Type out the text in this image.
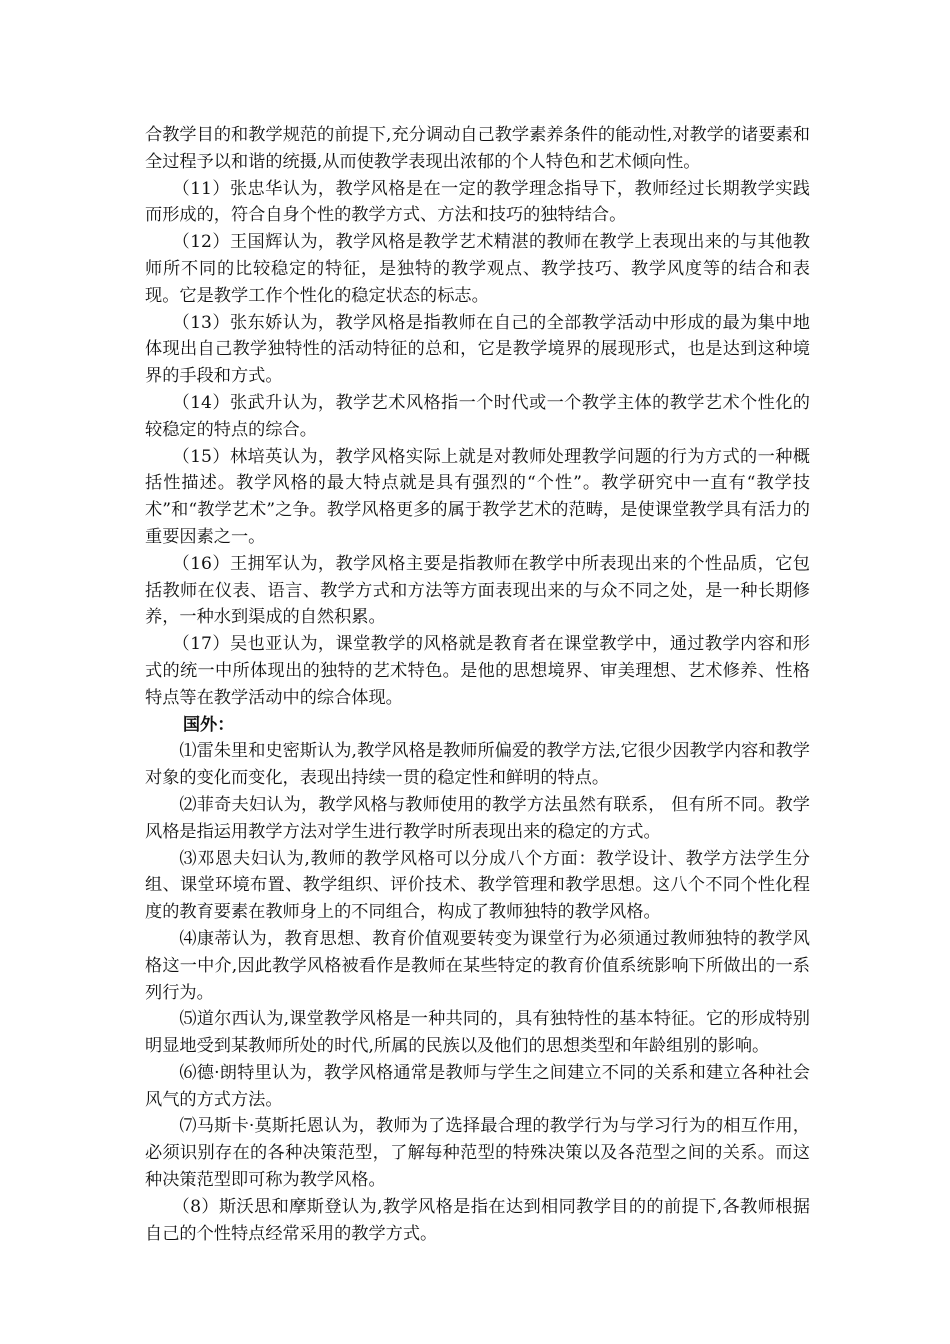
合教学目的和教学规范的前提下,充分调动自己教学素养条件的能动性,对教学的诸要素和全过程予以和谐的统摄,从而使教学表现出浓郁的个人特色和艺术倾向性。

（11）张忠华认为，教学风格是在一定的教学理念指导下，教师经过长期教学实践而形成的，符合自身个性的教学方式、方法和技巧的独特结合。

（12）王国辉认为，教学风格是教学艺术精湛的教师在教学上表现出来的与其他教师所不同的比较稳定的特征，是独特的教学观点、教学技巧、教学风度等的结合和表现。它是教学工作个性化的稳定状态的标志。

（13）张东娇认为，教学风格是指教师在自己的全部教学活动中形成的最为集中地体现出自己教学独特性的活动特征的总和，它是教学境界的展现形式，也是达到这种境界的手段和方式。

（14）张武升认为，教学艺术风格指一个时代或一个教学主体的教学艺术个性化的较稳定的特点的综合。

（15）林培英认为，教学风格实际上就是对教师处理教学问题的行为方式的一种概括性描述。教学风格的最大特点就是具有强烈的“个性”。教学研究中一直有“教学技术”和“教学艺术”之争。教学风格更多的属于教学艺术的范畴，是使课堂教学具有活力的重要因素之一。

（16）王拥军认为，教学风格主要是指教师在教学中所表现出来的个性品质，它包括教师在仪表、语言、教学方式和方法等方面表现出来的与众不同之处，是一种长期修养，一种水到渠成的自然积累。

（17）吴也亚认为，课堂教学的风格就是教育者在课堂教学中，通过教学内容和形式的统一中所体现出的独特的艺术特色。是他的思想境界、审美理想、艺术修养、性格特点等在教学活动中的综合体现。

国外：

⑴雷朱里和史密斯认为,教学风格是教师所偏爱的教学方法,它很少因教学内容和教学对象的变化而变化，表现出持续一贯的稳定性和鲜明的特点。

⑵菲奇夫妇认为，教学风格与教师使用的教学方法虽然有联系， 但有所不同。教学风格是指运用教学方法对学生进行教学时所表现出来的稳定的方式。

⑶邓恩夫妇认为,教师的教学风格可以分成八个方面：教学设计、教学方法学生分组、课堂环境布置、教学组织、评价技术、教学管理和教学思想。这八个不同个性化程度的教育要素在教师身上的不同组合，构成了教师独特的教学风格。

⑷康蒂认为，教育思想、教育价值观要转变为课堂行为必须通过教师独特的教学风格这一中介,因此教学风格被看作是教师在某些特定的教育价值系统影响下所做出的一系列行为。

⑸道尔西认为,课堂教学风格是一种共同的，具有独特性的基本特征。它的形成特别明显地受到某教师所处的时代,所属的民族以及他们的思想类型和年龄组别的影响。

⑹德·朗特里认为，教学风格通常是教师与学生之间建立不同的关系和建立各种社会风气的方式方法。

⑺马斯卡·莫斯托恩认为，教师为了选择最合理的教学行为与学习行为的相互作用，必须识别存在的各种决策范型，了解每种范型的特殊决策以及各范型之间的关系。而这种决策范型即可称为教学风格。

（8）斯沃思和摩斯登认为,教学风格是指在达到相同教学目的的前提下,各教师根据自己的个性特点经常采用的教学方式。
